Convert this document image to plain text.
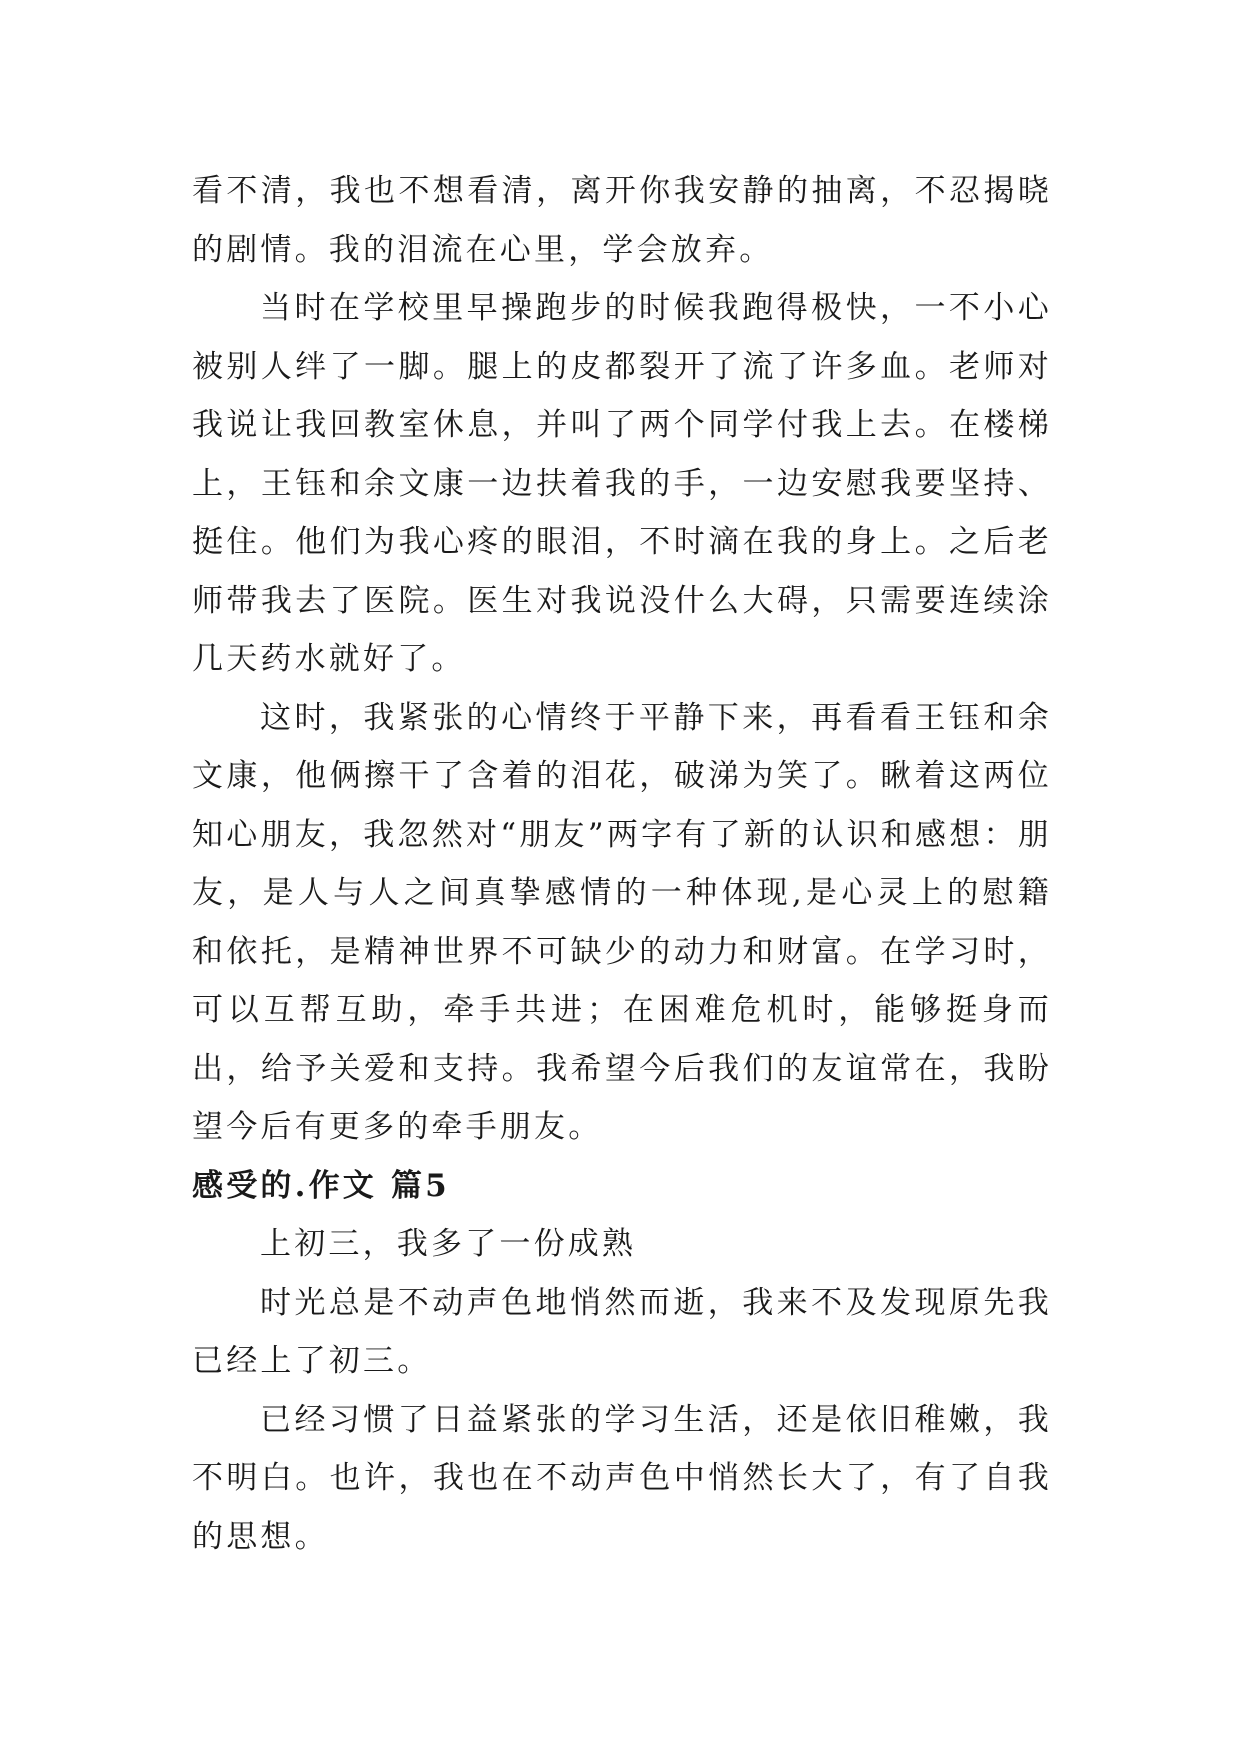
看不清，我也不想看清，离开你我安静的抽离，不忍揭晓的剧情。我的泪流在心里，学会放弃。

当时在学校里早操跑步的时候我跑得极快，一不小心被别人绊了一脚。腿上的皮都裂开了流了许多血。老师对我说让我回教室休息，并叫了两个同学付我上去。在楼梯上，王钰和余文康一边扶着我的手，一边安慰我要坚持、挺住。他们为我心疼的眼泪，不时滴在我的身上。之后老师带我去了医院。医生对我说没什么大碍，只需要连续涂几天药水就好了。

这时，我紧张的心情终于平静下来，再看看王钰和余文康，他俩擦干了含着的泪花，破涕为笑了。瞅着这两位知心朋友，我忽然对“朋友”两字有了新的认识和感想：朋友，是人与人之间真挚感情的一种体现,是心灵上的慰籍和依托，是精神世界不可缺少的动力和财富。在学习时，可以互帮互助，牵手共进；在困难危机时，能够挺身而出，给予关爱和支持。我希望今后我们的友谊常在，我盼望今后有更多的牵手朋友。

感受的.作文 篇5

上初三，我多了一份成熟

时光总是不动声色地悄然而逝，我来不及发现原先我已经上了初三。

已经习惯了日益紧张的学习生活，还是依旧稚嫩，我不明白。也许，我也在不动声色中悄然长大了，有了自我的思想。
